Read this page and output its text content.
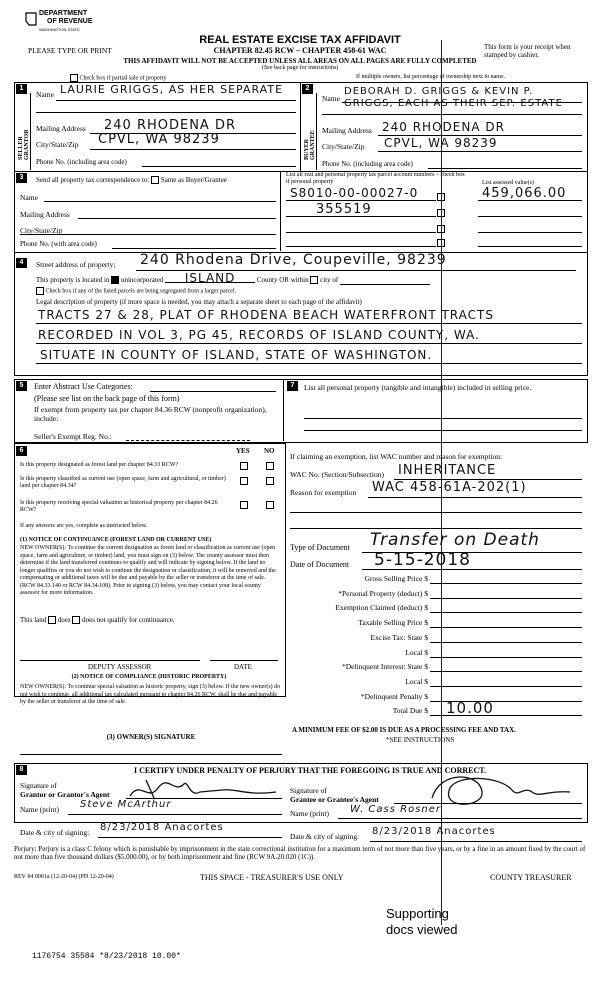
DEPARTMENT
OF REVENUE
WASHINGTON STATE
PLEASE TYPE OR PRINT
REAL ESTATE EXCISE TAX AFFIDAVIT
CHAPTER 82.45 RCW – CHAPTER 458-61 WAC
THIS AFFIDAVIT WILL NOT BE ACCEPTED UNLESS ALL AREAS ON ALL PAGES ARE FULLY COMPLETED
(See back page for instructions)
This form is your receipt when stamped by cashier.
Check box if partial sale of property	If multiple owners, list percentage of ownership next to name.
1	2
SELLER GRANTOR	BUYER GRANTEE
Name LAURIE GRIGGS, AS HER SEPARATE
Mailing Address 240 RHODENA DR
City/State/Zip CPVL, WA 98239
Phone No. (including area code)
Name
DEBORAH D. GRIGGS & KEVIN P. GRIGGS, EACH AS THEIR SEP. ESTATE
Mailing Address 240 RHODENA DR
City/State/Zip CPVL, WA 98239
Phone No. (including area code)
3	Send all property tax correspondence to: Same as Buyer/Grantee
Name
Mailing Address
City/State/Zip
Phone No. (with area code)
List all real and personal property tax parcel account numbers – check box if personal property	List assessed value(s)
S8010-00-00027-0
355519
459,066.00
4	Street address of property: 240 Rhodena Drive, Coupeville, 98239
This property is located in unincorporated ISLAND	County OR within city of
Check box if any of the listed parcels are being segregated from a larger parcel.
Legal description of property (if more space is needed, you may attach a separate sheet to each page of the affidavit)
TRACTS 27 & 28, PLAT OF RHODENA BEACH WATERFRONT TRACTS
RECORDED IN VOL 3, PG 45, RECORDS OF ISLAND COUNTY, WA.
SITUATE IN COUNTY OF ISLAND, STATE OF WASHINGTON.
5	7
Enter Abstract Use Categories:
(Please see list on the back page of this form)
If exempt from property tax per chapter 84.36 RCW (nonprofit organization), include:
Seller's Exempt Reg. No.:
List all personal property (tangible and intangible) included in selling price.
6	YES NO
Is this property designated as forest land per chapter 84.33 RCW?
Is this property classified as current use (open space, farm and agricultural, or timber) land per chapter 84.34?
Is this property receiving special valuation as historical property per chapter 84.26 RCW?
If any answers are yes, complete as instructed below.
(1) NOTICE OF CONTINUANCE (FOREST LAND OR CURRENT USE)
NEW OWNER(S): To continue the current designation as forest land or classification as current use (open space, farm and agriculture, or timber) land, you must sign on (3) below. The county assessor must then determine if the land transferred continues to qualify and will indicate by signing below. If the land no longer qualifies or you do not wish to continue the designation or classification, it will be removed and the compensating or additional taxes will be due and payable by the seller or transferor at the time of sale. (RCW 84.33.140 or RCW 84.34.108). Prior to signing (3) below, you may contact your local county assessor for more information.
This land does does not qualify for continuance.
DEPUTY ASSESSOR	DATE
(2) NOTICE OF COMPLIANCE (HISTORIC PROPERTY)
NEW OWNER(S): To continue special valuation as historic property, sign (3) below. If the new owner(s) do not wish to continue, all additional tax calculated pursuant to chapter 84.26 RCW, shall be due and payable by the seller or transferor at the time of sale.
(3) OWNER(S) SIGNATURE
If claiming an exemption, list WAC number and reason for exemption:
WAC No. (Section/Subsection) INHERITANCE
Reason for exemption WAC 458-61A-202(1)
Type of Document Transfer on Death
Date of Document 5-15-2018
Gross Selling Price $
*Personal Property (deduct) $
Exemption Claimed (deduct) $
Taxable Selling Price $
Excise Tax: State $
Local $
*Delinquent Interest: State $
Local $
*Delinquent Penalty $
Total Due $ 10.00
A MINIMUM FEE OF $2.00 IS DUE AS A PROCESSING FEE AND TAX.
*SEE INSTRUCTIONS
8	I CERTIFY UNDER PENALTY OF PERJURY THAT THE FOREGOING IS TRUE AND CORRECT.
Signature of
Grantor or Grantor's Agent	Signature of
Grantee or Grantee's Agent
Name (print) Steve McArthur
Name (print) W. Cass Rosner
Date & city of signing: 8/23/2018 Anacortes
Date & city of signing: 8/23/2018 Anacortes
Perjury: Perjury is a class C felony which is punishable by imprisonment in the state correctional institution for a maximum term of not more than five years, or by a fine in an amount fixed by the court of not more than five thousand dollars ($5,000.00), or by both imprisonment and fine (RCW 9A.20.020 (1C)).
REV 84 0001a (12-20-04) (PD 12-20-04)	THIS SPACE - TREASURER'S USE ONLY	COUNTY TREASURER
Supporting
docs viewed
1176754 35584 *8/23/2018 10.00*
